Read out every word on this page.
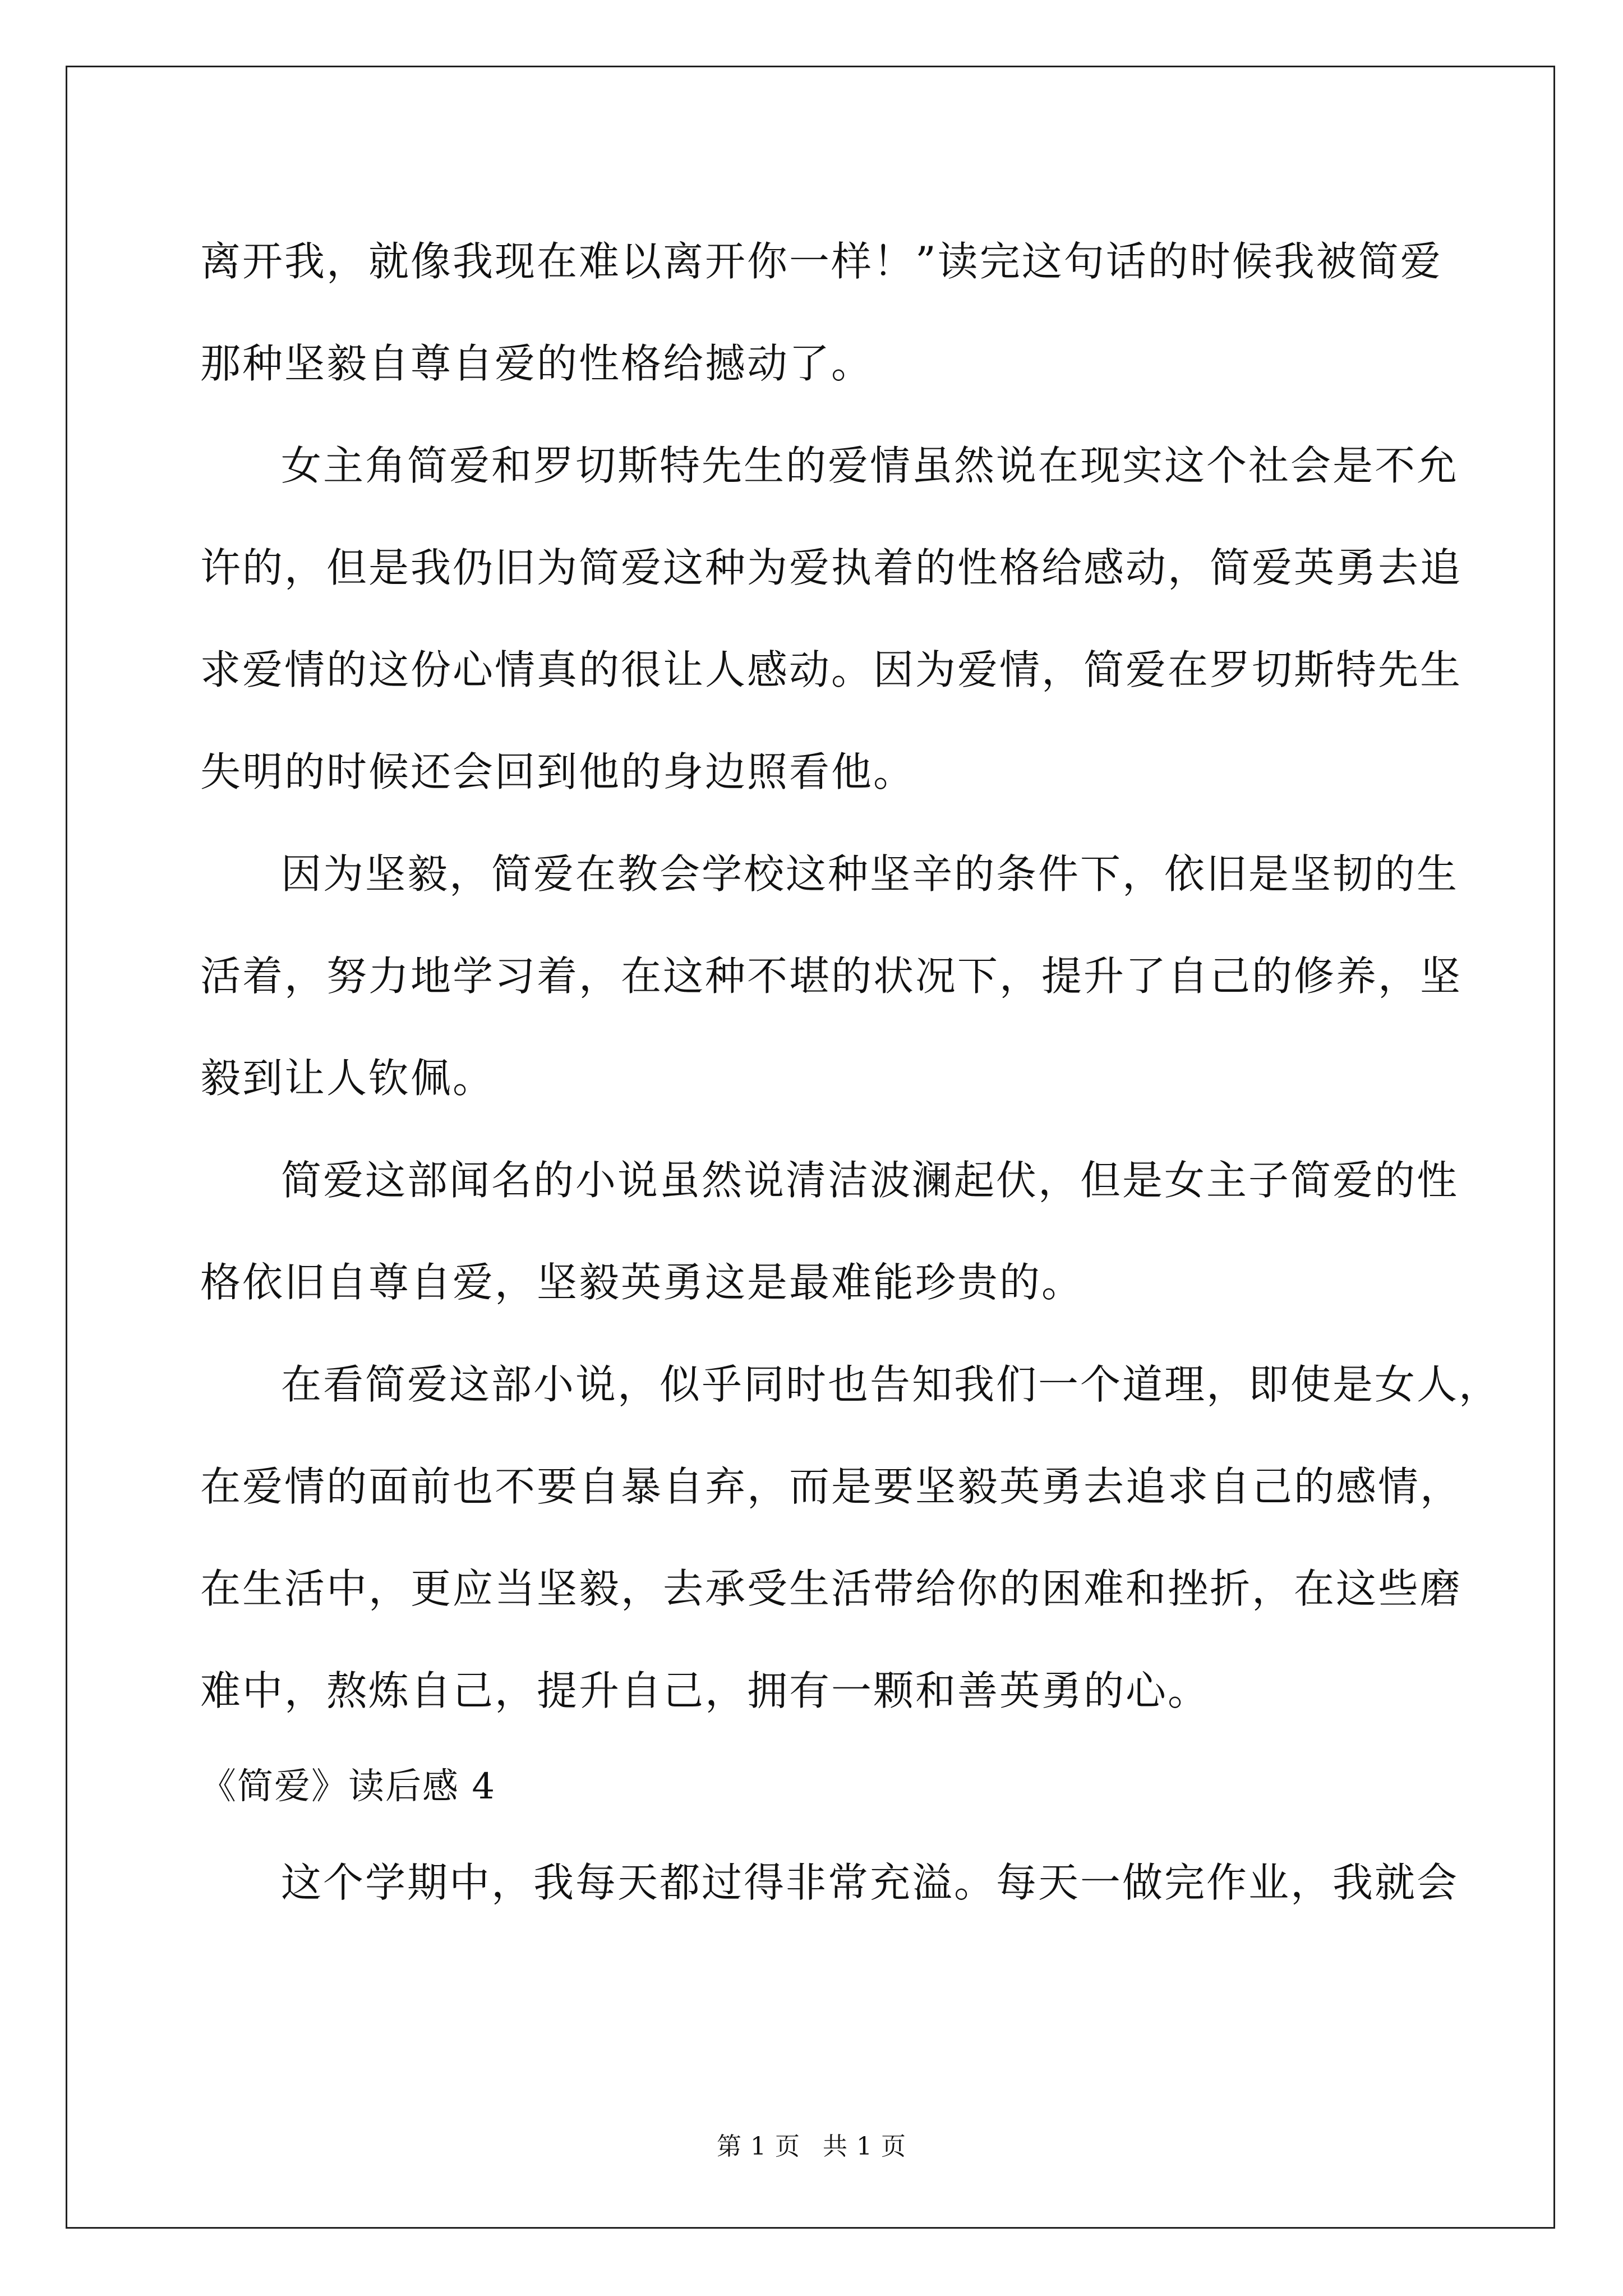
离开我，就像我现在难以离开你一样！”读完这句话的时候我被简爱
那种坚毅自尊自爱的性格给撼动了。
女主角简爱和罗切斯特先生的爱情虽然说在现实这个社会是不允
许的，但是我仍旧为简爱这种为爱执着的性格给感动，简爱英勇去追
求爱情的这份心情真的很让人感动。因为爱情，简爱在罗切斯特先生
失明的时候还会回到他的身边照看他。
因为坚毅，简爱在教会学校这种坚辛的条件下，依旧是坚韧的生
活着，努力地学习着，在这种不堪的状况下，提升了自己的修养，坚
毅到让人钦佩。
简爱这部闻名的小说虽然说清洁波澜起伏，但是女主子简爱的性
格依旧自尊自爱，坚毅英勇这是最难能珍贵的。
在看简爱这部小说，似乎同时也告知我们一个道理，即使是女人，
在爱情的面前也不要自暴自弃，而是要坚毅英勇去追求自己的感情，
在生活中，更应当坚毅，去承受生活带给你的困难和挫折，在这些磨
难中，熬炼自己，提升自己，拥有一颗和善英勇的心。
《简爱》读后感 4
这个学期中，我每天都过得非常充溢。每天一做完作业，我就会
第 1 页 共 1 页
